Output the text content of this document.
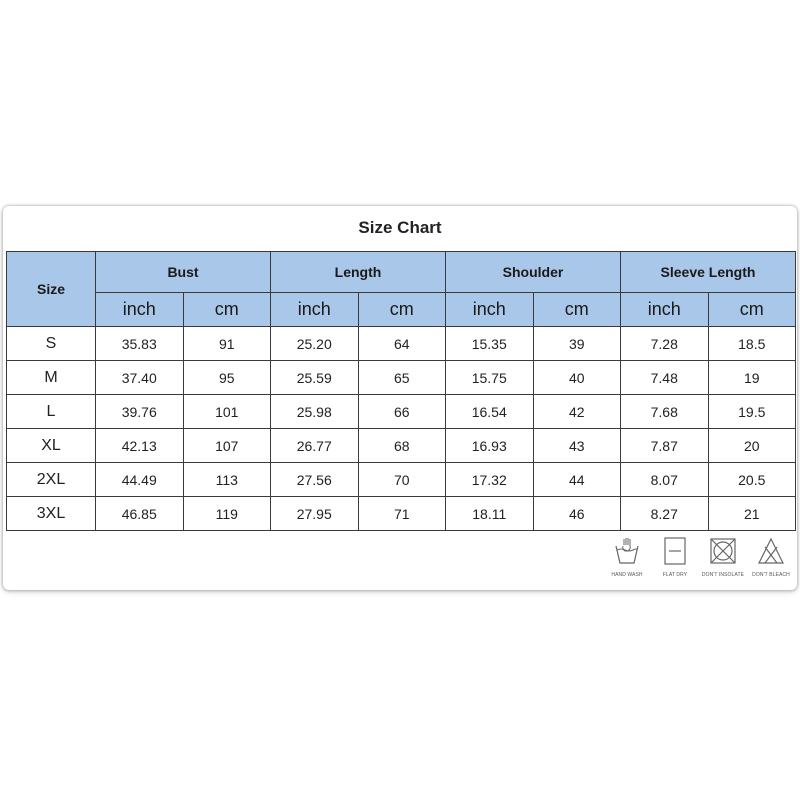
Size Chart
Size	Bust		Length		Shoulder		Sleeve Length	
	inch	cm	inch	cm	inch	cm	inch	cm
S	35.83	91	25.20	64	15.35	39	7.28	18.5
M	37.40	95	25.59	65	15.75	40	7.48	19
L	39.76	101	25.98	66	16.54	42	7.68	19.5
XL	42.13	107	26.77	68	16.93	43	7.87	20
2XL	44.49	113	27.56	70	17.32	44	8.07	20.5
3XL	46.85	119	27.95	71	18.11	46	8.27	21
HAND WASH	FLAT DRY	DON'T INSOLATE	DON'T BLEACH
